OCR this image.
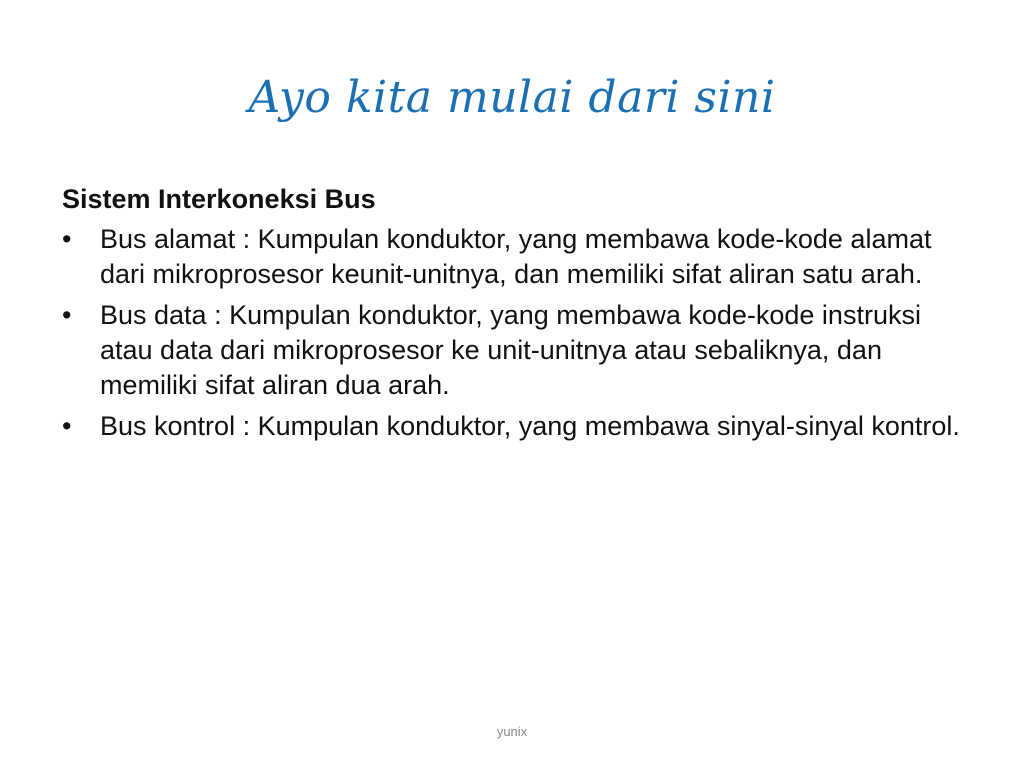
Ayo kita mulai dari sini
Sistem Interkoneksi Bus
•	Bus alamat : Kumpulan konduktor, yang membawa kode-kode alamat dari mikroprosesor keunit-unitnya, dan memiliki sifat aliran satu arah.
•	Bus data : Kumpulan konduktor, yang membawa kode-kode instruksi atau data dari mikroprosesor ke unit-unitnya atau sebaliknya, dan memiliki sifat aliran dua arah.
•	Bus kontrol : Kumpulan konduktor, yang membawa sinyal-sinyal kontrol.
yunix
